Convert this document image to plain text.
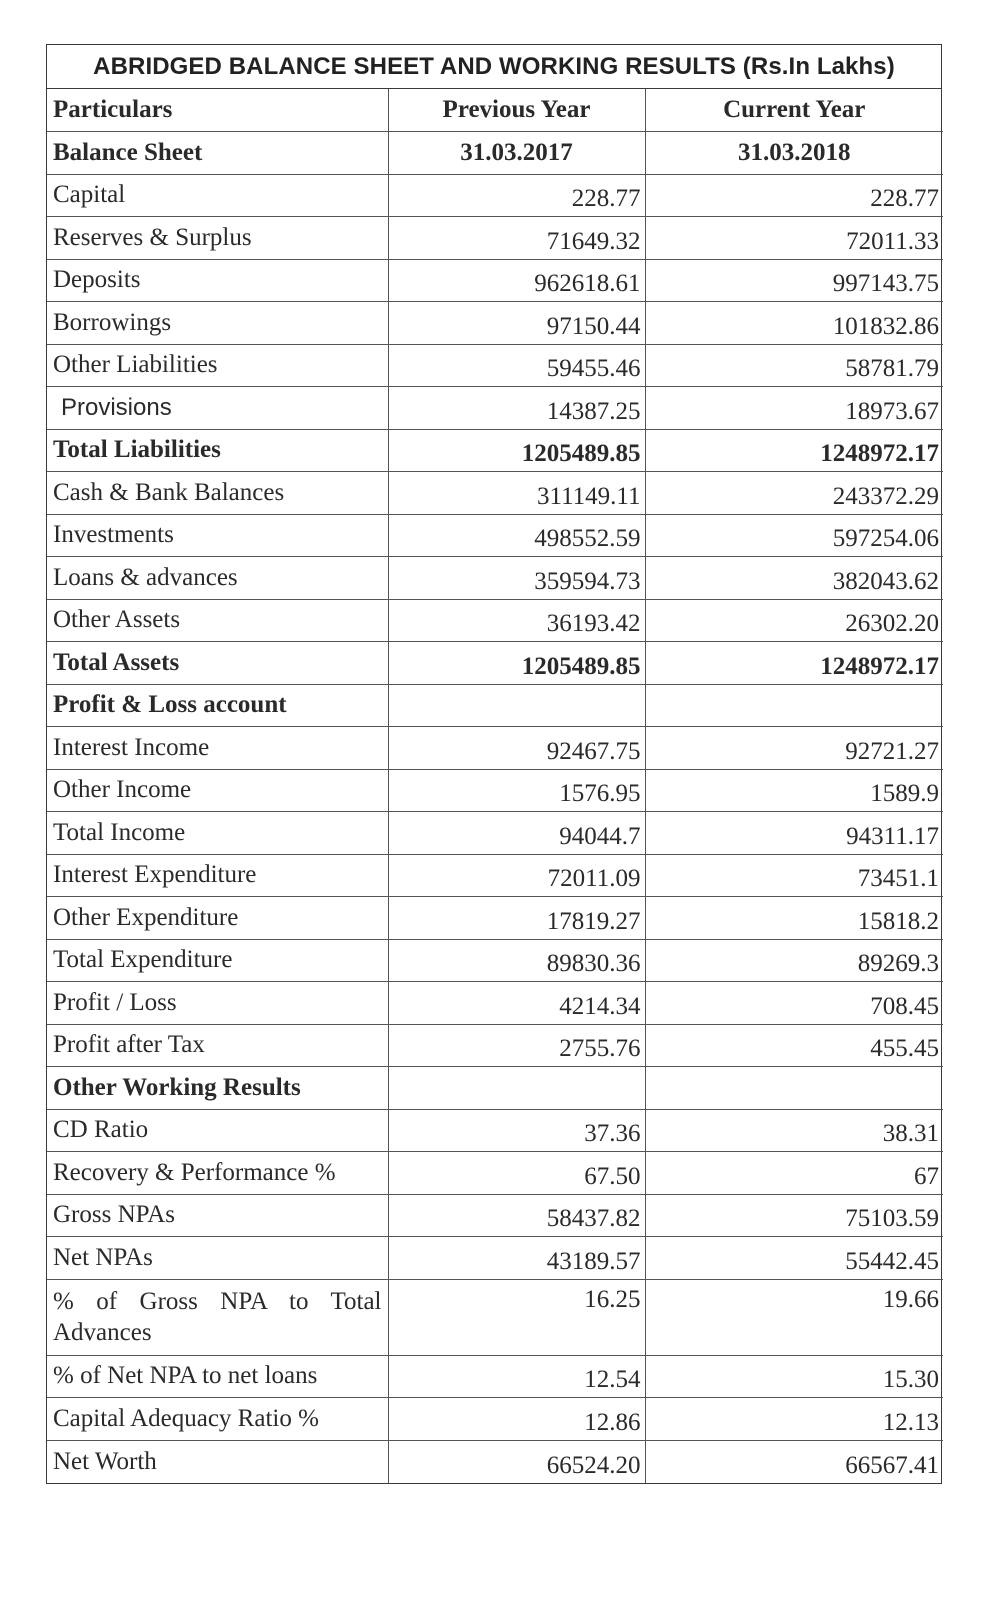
ABRIDGED BALANCE SHEET AND WORKING RESULTS (Rs.In Lakhs)
Particulars	Previous Year	Current Year
Balance Sheet	31.03.2017	31.03.2018
Capital	228.77	228.77
Reserves & Surplus	71649.32	72011.33
Deposits	962618.61	997143.75
Borrowings	97150.44	101832.86
Other Liabilities	59455.46	58781.79
Provisions	14387.25	18973.67
Total Liabilities	1205489.85	1248972.17
Cash & Bank Balances	311149.11	243372.29
Investments	498552.59	597254.06
Loans & advances	359594.73	382043.62
Other Assets	36193.42	26302.20
Total Assets	1205489.85	1248972.17
Profit & Loss account		
Interest Income	92467.75	92721.27
Other Income	1576.95	1589.9
Total Income	94044.7	94311.17
Interest Expenditure	72011.09	73451.1
Other Expenditure	17819.27	15818.2
Total Expenditure	89830.36	89269.3
Profit / Loss	4214.34	708.45
Profit after Tax	2755.76	455.45
Other Working Results		
CD Ratio	37.36	38.31
Recovery & Performance %	67.50	67
Gross NPAs	58437.82	75103.59
Net NPAs	43189.57	55442.45
% of Gross NPA to Total Advances	16.25	19.66
% of Net NPA to net loans	12.54	15.30
Capital Adequacy Ratio %	12.86	12.13
Net Worth	66524.20	66567.41
